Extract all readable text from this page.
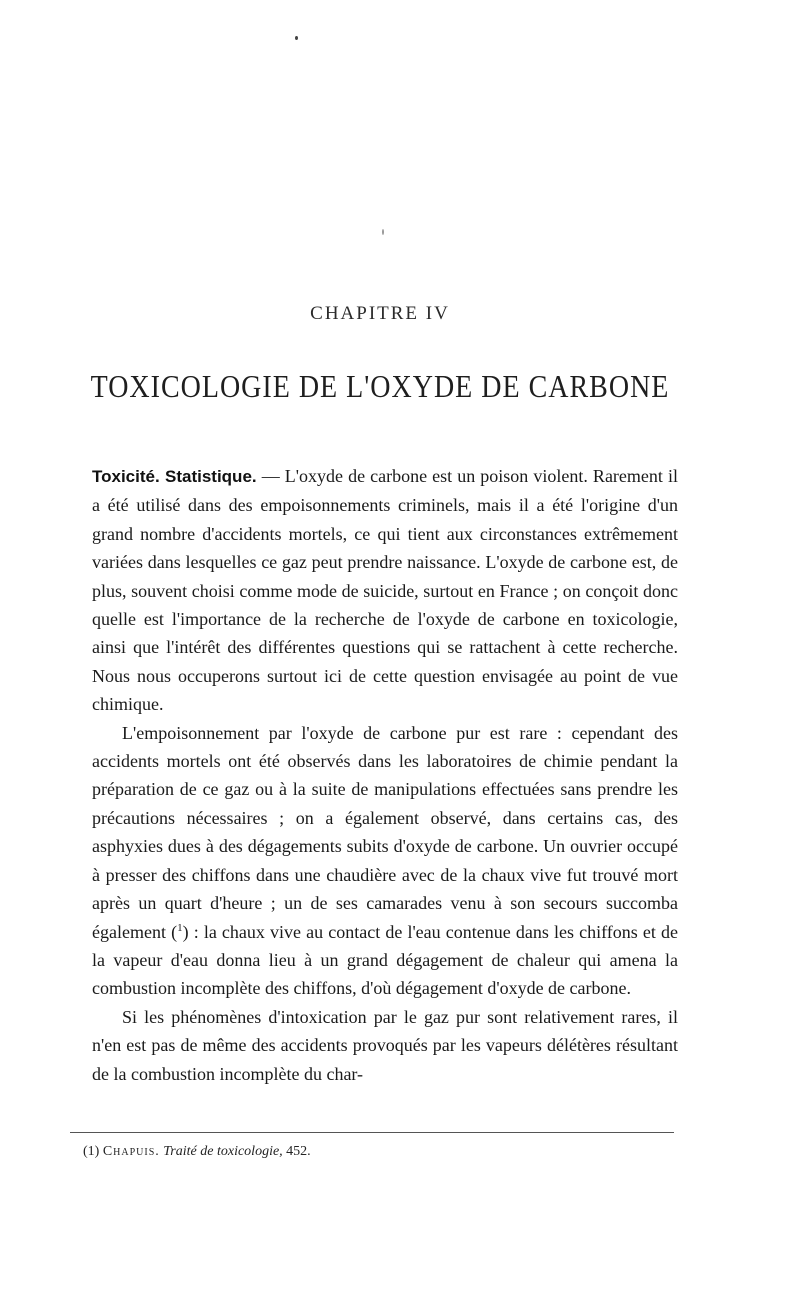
CHAPITRE IV
TOXICOLOGIE DE L'OXYDE DE CARBONE

Toxicité. Statistique. — L'oxyde de carbone est un poison violent. Rarement il a été utilisé dans des empoisonnements criminels, mais il a été l'origine d'un grand nombre d'accidents mortels, ce qui tient aux circonstances extrêmement variées dans lesquelles ce gaz peut prendre naissance. L'oxyde de carbone est, de plus, souvent choisi comme mode de suicide, surtout en France ; on conçoit donc quelle est l'importance de la recherche de l'oxyde de carbone en toxicologie, ainsi que l'intérêt des différentes questions qui se rattachent à cette recherche. Nous nous occuperons surtout ici de cette question envisagée au point de vue chimique.

L'empoisonnement par l'oxyde de carbone pur est rare : cependant des accidents mortels ont été observés dans les laboratoires de chimie pendant la préparation de ce gaz ou à la suite de manipulations effectuées sans prendre les précautions nécessaires ; on a également observé, dans certains cas, des asphyxies dues à des dégagements subits d'oxyde de carbone. Un ouvrier occupé à presser des chiffons dans une chaudière avec de la chaux vive fut trouvé mort après un quart d'heure ; un de ses camarades venu à son secours succomba également ($^1$) : la chaux vive au contact de l'eau contenue dans les chiffons et de la vapeur d'eau donna lieu à un grand dégagement de chaleur qui amena la combustion incomplète des chiffons, d'où dégagement d'oxyde de carbone.

Si les phénomènes d'intoxication par le gaz pur sont relativement rares, il n'en est pas de même des accidents provoqués par les vapeurs délétères résultant de la combustion incomplète du char-

(1) Chapuis. Traité de toxicologie, 452.
